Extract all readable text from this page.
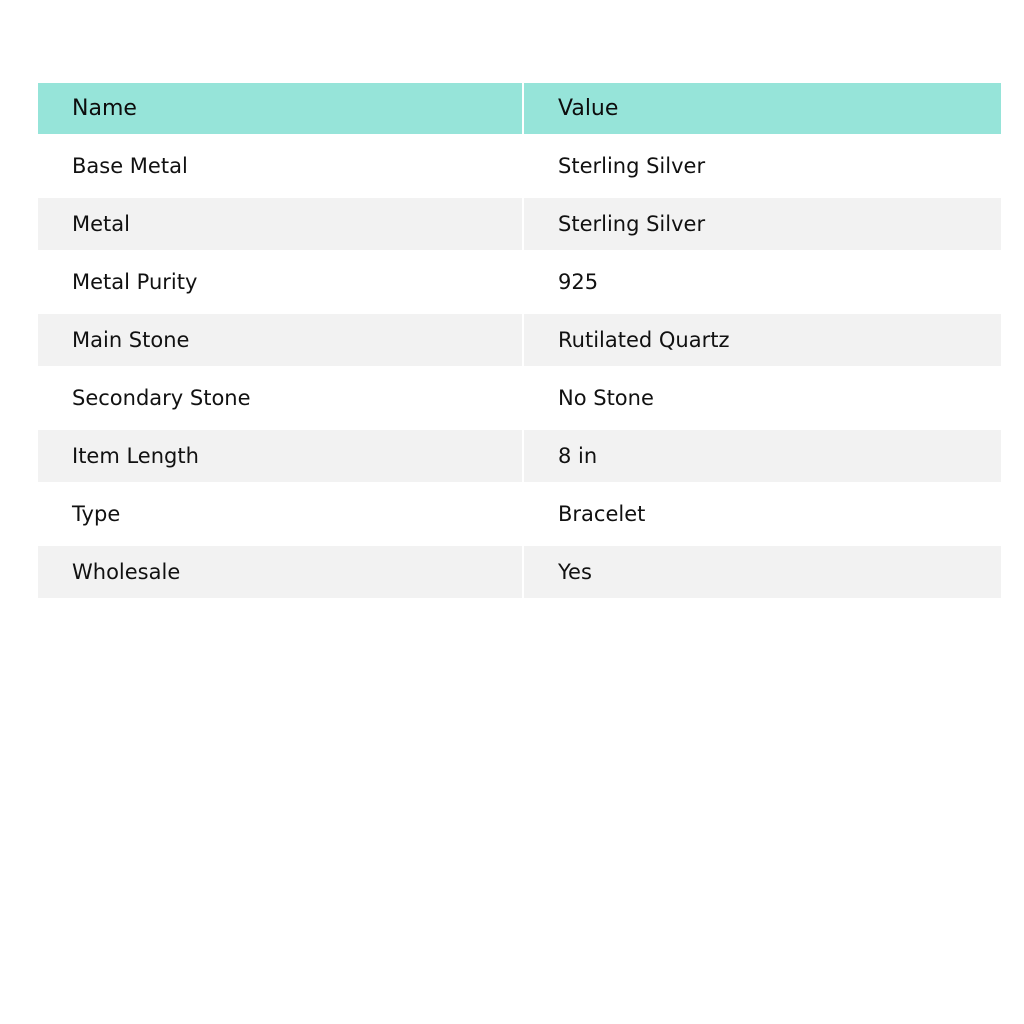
Name	Value
Base Metal	Sterling Silver
Metal	Sterling Silver
Metal Purity	925
Main Stone	Rutilated Quartz
Secondary Stone	No Stone
Item Length	8 in
Type	Bracelet
Wholesale	Yes
